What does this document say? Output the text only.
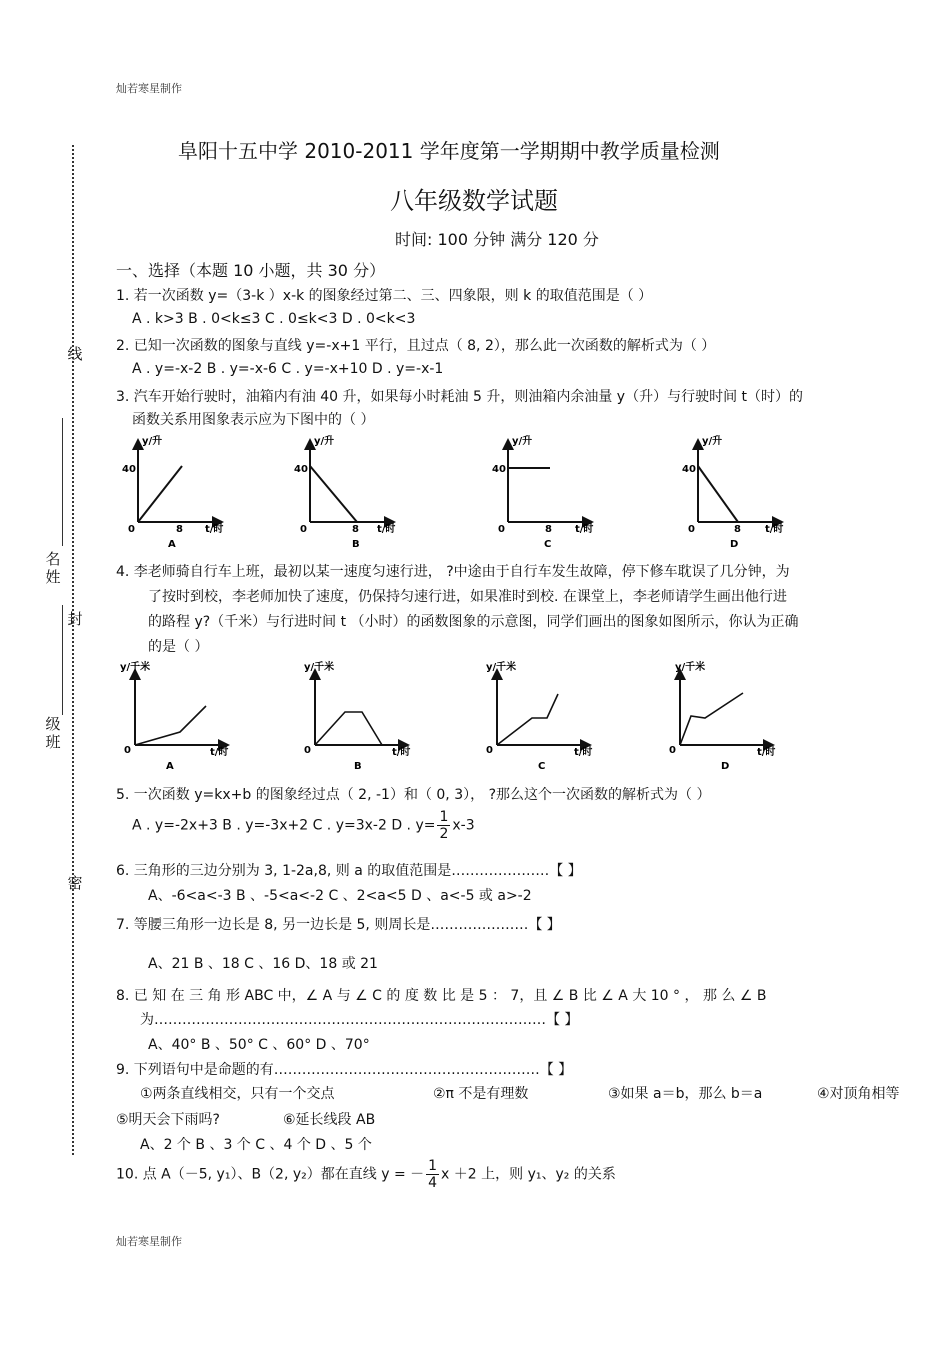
灿若寒星制作
线
名
姓
封
级
班
密
阜阳十五中学 2010-2011 学年度第一学期期中教学质量检测
八年级数学试题
时间: 100 分钟 满分 120 分
一、选择（本题 10 小题，共 30 分）
1. 若一次函数 y=（3-k ）x-k 的图象经过第二、三、四象限，则 k 的取值范围是（ ）
A . k>3 B . 0<k≤3 C . 0≤k<3 D . 0<k<3
2. 已知一次函数的图象与直线 y=-x+1 平行，且过点（ 8, 2），那么此一次函数的解析式为（ ）
A . y=-x-2 B . y=-x-6 C . y=-x+10 D . y=-x-1
3. 汽车开始行驶时，油箱内有油 40 升，如果每小时耗油 5 升，则油箱内余油量 y（升）与行驶时间 t（时）的
函数关系用图象表示应为下图中的（ ）
y/升
40
0	8 t/时
A
y/升
40
0	8 t/时
B
y/升
40
0	8 t/时
C
y/升
40
0	8 t/时
D
4. 李老师骑自行车上班，最初以某一速度匀速行进， ?中途由于自行车发生故障，停下修车耽误了几分钟，为
了按时到校，李老师加快了速度，仍保持匀速行进，如果准时到校. 在课堂上，李老师请学生画出他行进
的路程 y?（千米）与行进时间 t （小时）的函数图象的示意图，同学们画出的图象如图所示，你认为正确
的是（ ）
y/千米
0	t/时
A
y/千米
0	t/时
B
y/千米
0	t/时
C
y/千米
0	t/时
D
5. 一次函数 y=kx+b 的图象经过点（ 2, -1）和（ 0, 3）， ?那么这个一次函数的解析式为（ ）
A . y=-2x+3 B . y=-3x+2 C . y=3x-2 D . $y= \frac{1}{2} x-3$
6. 三角形的三边分别为 3, 1-2a,8, 则 a 的取值范围是…………………【 】
A、-6<a<-3 B 、-5<a<-2 C 、2<a<5 D 、a<-5 或 a>-2
7. 等腰三角形一边长是 8, 另一边长是 5, 则周长是…………………【 】
A、21 B 、18 C 、16 D、18 或 21
8. 已 知 在 三 角 形 ABC 中，∠ A 与 ∠ C 的 度 数 比 是 5 ： 7，且 ∠ B 比 ∠ A 大 10 ° ， 那 么 ∠ B
为…………………………………………………………………………【 】
A、40° B 、50° C 、60° D 、70°
9. 下列语句中是命题的有…………………………………………………【 】
①两条直线相交，只有一个交点	②π 不是有理数	③如果 a＝b，那么 b＝a	④对顶角相等
⑤明天会下雨吗?	⑥延长线段 AB
A、2 个 B 、3 个 C 、4 个 D 、5 个
10. 点 A（－5, y₁）、B（2, y₂）都在直线 y = － $\frac{1}{4}$ x ＋2 上，则 y₁、y₂ 的关系
灿若寒星制作
